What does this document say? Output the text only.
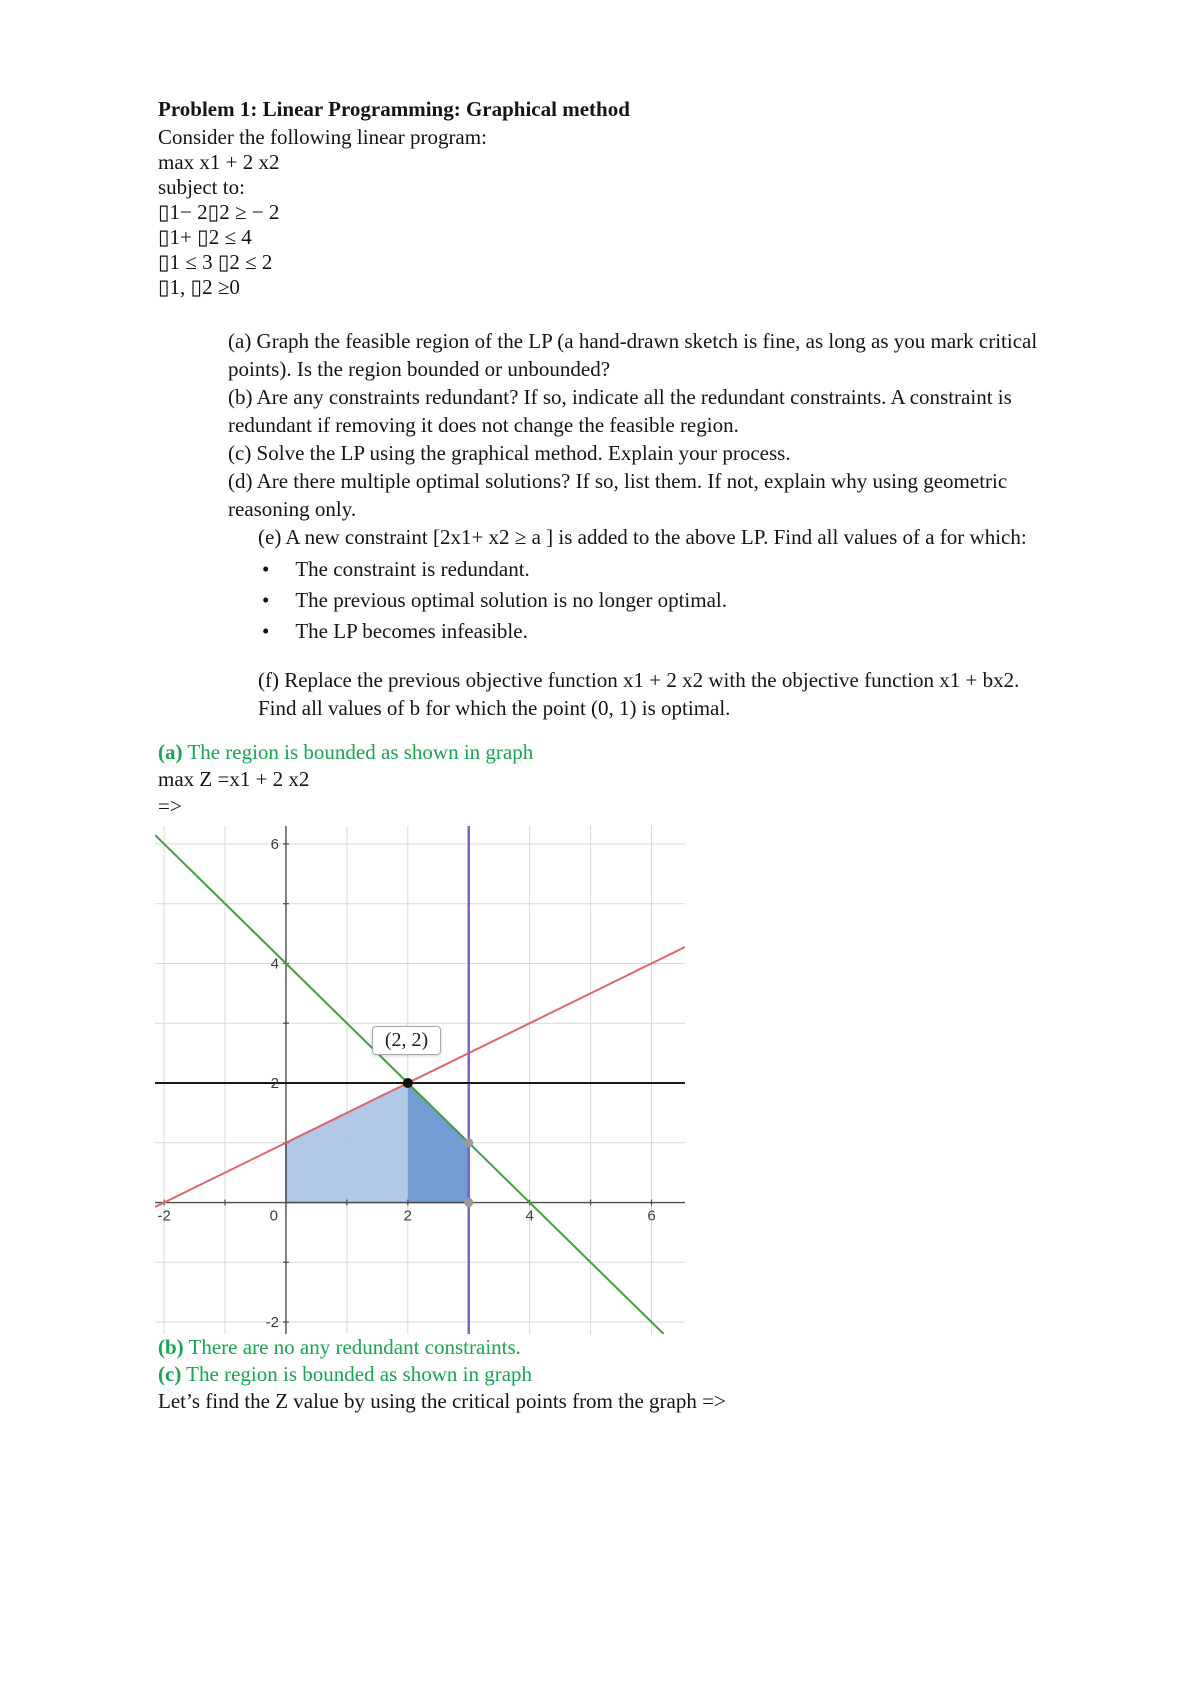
Problem 1: Linear Programming: Graphical method
Consider the following linear program:
max x1 + 2 x2
subject to:
▯1− 2▯2 ≥ − 2
▯1+ ▯2 ≤ 4
▯1 ≤ 3 ▯2 ≤ 2
▯1, ▯2 ≥0

(a) Graph the feasible region of the LP (a hand-drawn sketch is fine, as long as you mark critical points). Is the region bounded or unbounded?

(b) Are any constraints redundant? If so, indicate all the redundant constraints. A constraint is redundant if removing it does not change the feasible region.

(c) Solve the LP using the graphical method. Explain your process.

(d) Are there multiple optimal solutions? If so, list them. If not, explain why using geometric reasoning only.

(e) A new constraint [2x1+ x2 ≥ a ] is added to the above LP. Find all values of a for which:

• The constraint is redundant.
• The previous optimal solution is no longer optimal.
• The LP becomes infeasible.

(f) Replace the previous objective function x1 + 2 x2 with the objective function x1 + bx2. Find all values of b for which the point (0, 1) is optimal.

(a) The region is bounded as shown in graph
max Z =x1 + 2 x2
=>
-2	0	2	4	6
6
4
2
-2
(2, 2)
(b) There are no any redundant constraints.
(c) The region is bounded as shown in graph
Let’s find the Z value by using the critical points from the graph =>
